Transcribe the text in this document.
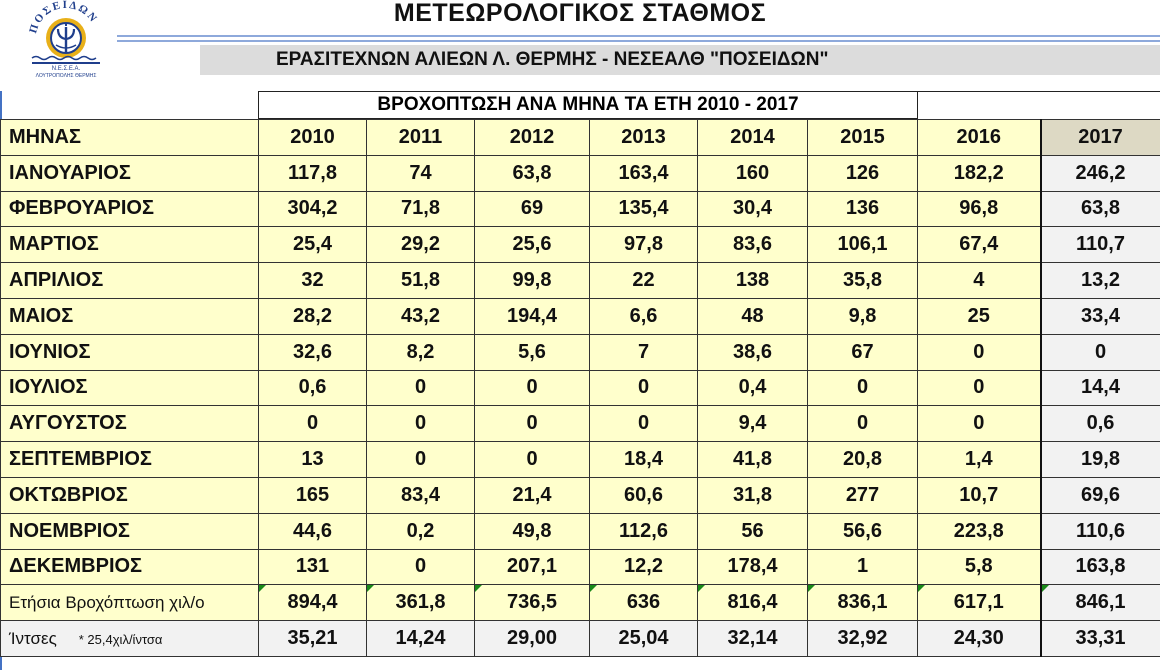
ΜΕΤΕΩΡΟΛΟΓΙΚΟΣ ΣΤΑΘΜΟΣ
ΕΡΑΣΙΤΕΧΝΩΝ ΑΛΙΕΩΝ Λ. ΘΕΡΜΗΣ - ΝΕΣΕΑΛΘ "ΠΟΣΕΙΔΩΝ"
ΠΟΣΕΙΔΩΝ
Ν.Ε.Σ.Ε.Α.
ΛΟΥΤΡΟΠΟΛΗΣ ΘΕΡΜΗΣ
ΒΡΟΧΟΠΤΩΣΗ ΑΝΑ ΜΗΝΑ ΤΑ ΕΤΗ 2010 - 2017
ΜΗΝΑΣ	2010	2011	2012	2013	2014	2015	2016	2017
ΙΑΝΟΥΑΡΙΟΣ	117,8	74	63,8	163,4	160	126	182,2	246,2
ΦΕΒΡΟΥΑΡΙΟΣ	304,2	71,8	69	135,4	30,4	136	96,8	63,8
ΜΑΡΤΙΟΣ	25,4	29,2	25,6	97,8	83,6	106,1	67,4	110,7
ΑΠΡΙΛΙΟΣ	32	51,8	99,8	22	138	35,8	4	13,2
ΜΑΙΟΣ	28,2	43,2	194,4	6,6	48	9,8	25	33,4
ΙΟΥΝΙΟΣ	32,6	8,2	5,6	7	38,6	67	0	0
ΙΟΥΛΙΟΣ	0,6	0	0	0	0,4	0	0	14,4
ΑΥΓΟΥΣΤΟΣ	0	0	0	0	9,4	0	0	0,6
ΣΕΠΤΕΜΒΡΙΟΣ	13	0	0	18,4	41,8	20,8	1,4	19,8
ΟΚΤΩΒΡΙΟΣ	165	83,4	21,4	60,6	31,8	277	10,7	69,6
ΝΟΕΜΒΡΙΟΣ	44,6	0,2	49,8	112,6	56	56,6	223,8	110,6
ΔΕΚΕΜΒΡΙΟΣ	131	0	207,1	12,2	178,4	1	5,8	163,8
Ετήσια Βροχόπτωση χιλ/ο	894,4	361,8	736,5	636	816,4	836,1	617,1	846,1
Ίντσες * 25,4χιλ/ίντσα	35,21	14,24	29,00	25,04	32,14	32,92	24,30	33,31
